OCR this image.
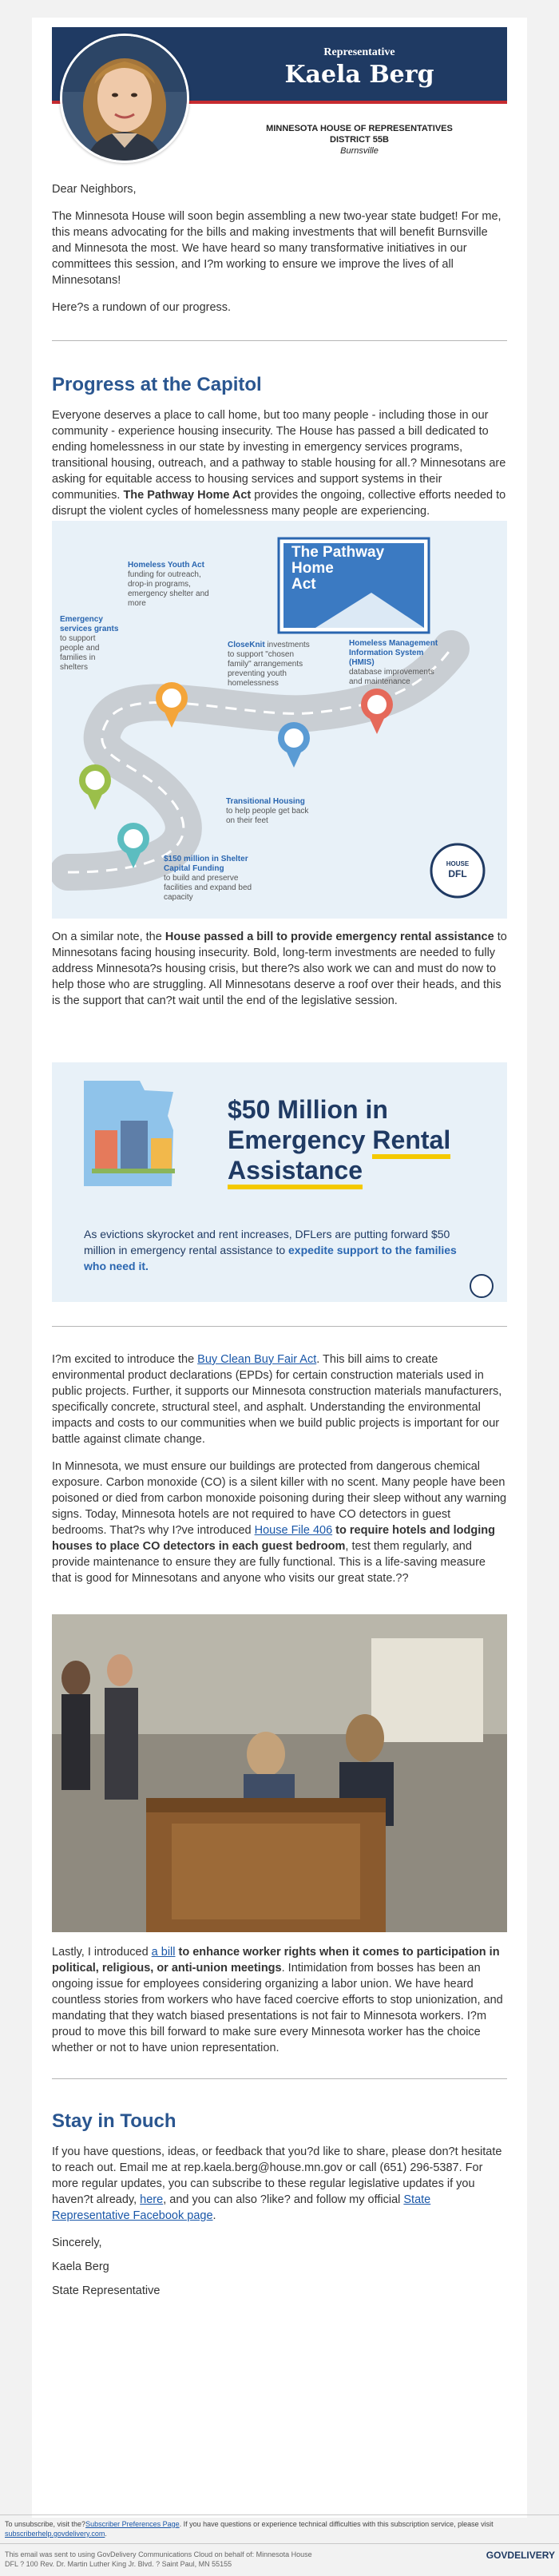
Representative
Kaela Berg
MINNESOTA HOUSE OF REPRESENTATIVES
DISTRICT 55B
Burnsville

Dear Neighbors,

The Minnesota House will soon begin assembling a new two-year state budget! For me, this means advocating for the bills and making investments that will benefit Burnsville and Minnesota the most. We have heard so many transformative initiatives in our committees this session, and I?m working to ensure we improve the lives of all Minnesotans!

Here?s a rundown of our progress.

Progress at the Capitol

Everyone deserves a place to call home, but too many people - including those in our community - experience housing insecurity. The House has passed a bill dedicated to ending homelessness in our state by investing in emergency services programs, transitional housing, outreach, and a pathway to stable housing for all.? Minnesotans are asking for equitable access to housing services and support systems in their communities. The Pathway Home Act provides the ongoing, collective efforts needed to disrupt the violent cycles of homelessness many people are experiencing.

The Pathway
Home
Act
Homeless Youth Act
funding for outreach, drop-in programs, emergency shelter and more
Emergency services grants
to support people and families in shelters
CloseKnit investments to support "chosen family" arrangements preventing youth homelessness
Homeless Management Information System (HMIS)
database improvements and maintenance
Transitional Housing
to help people get back on their feet
$150 million in Shelter Capital Funding
to build and preserve facilities and expand bed capacity
HOUSE
DFL

On a similar note, the House passed a bill to provide emergency rental assistance to Minnesotans facing housing insecurity. Bold, long-term investments are needed to fully address Minnesota?s housing crisis, but there?s also work we can and must do now to help those who are struggling. All Minnesotans deserve a roof over their heads, and this is the support that can?t wait until the end of the legislative session.

$50 Million in
Emergency Rental
Assistance
As evictions skyrocket and rent increases, DFLers are putting forward $50 million in emergency rental assistance to expedite support to the families who need it.

I?m excited to introduce the Buy Clean Buy Fair Act. This bill aims to create environmental product declarations (EPDs) for certain construction materials used in public projects. Further, it supports our Minnesota construction materials manufacturers, specifically concrete, structural steel, and asphalt. Understanding the environmental impacts and costs to our communities when we build public projects is important for our battle against climate change.

In Minnesota, we must ensure our buildings are protected from dangerous chemical exposure. Carbon monoxide (CO) is a silent killer with no scent. Many people have been poisoned or died from carbon monoxide poisoning during their sleep without any warning signs. Today, Minnesota hotels are not required to have CO detectors in guest bedrooms. That?s why I?ve introduced House File 406 to require hotels and lodging houses to place CO detectors in each guest bedroom, test them regularly, and provide maintenance to ensure they are fully functional. This is a life-saving measure that is good for Minnesotans and anyone who visits our great state.??

Lastly, I introduced a bill to enhance worker rights when it comes to participation in political, religious, or anti-union meetings. Intimidation from bosses has been an ongoing issue for employees considering organizing a labor union. We have heard countless stories from workers who have faced coercive efforts to stop unionization, and mandating that they watch biased presentations is not fair to Minnesota workers. I?m proud to move this bill forward to make sure every Minnesota worker has the choice whether or not to have union representation.

Stay in Touch

If you have questions, ideas, or feedback that you?d like to share, please don?t hesitate to reach out. Email me at rep.kaela.berg@house.mn.gov or call (651) 296-5387. For more regular updates, you can subscribe to these regular legislative updates if you haven?t already, here, and you can also ?like? and follow my official State Representative Facebook page.

Sincerely,

Kaela Berg

State Representative

To unsubscribe, visit the?Subscriber Preferences Page. If you have questions or experience technical difficulties with this subscription service, please visit subscriberhelp.govdelivery.com.
This email was sent to using GovDelivery Communications Cloud on behalf of: Minnesota House DFL ? 100 Rev. Dr. Martin Luther King Jr. Blvd. ? Saint Paul, MN 55155
GOVDELIVERY
